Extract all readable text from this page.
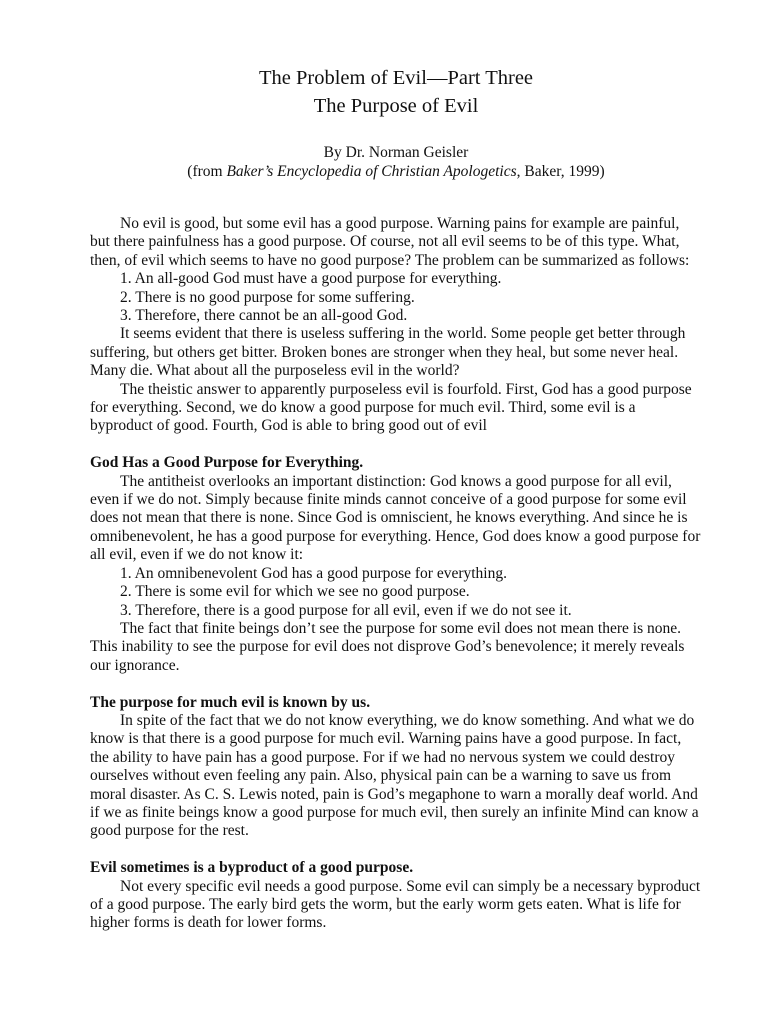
The Problem of Evil—Part Three
The Purpose of Evil
By Dr. Norman Geisler
(from Baker’s Encyclopedia of Christian Apologetics, Baker, 1999)

No evil is good, but some evil has a good purpose. Warning pains for example are painful, but there painfulness has a good purpose. Of course, not all evil seems to be of this type. What, then, of evil which seems to have no good purpose? The problem can be summarized as follows:

1. An all-good God must have a good purpose for everything.

2. There is no good purpose for some suffering.

3. Therefore, there cannot be an all-good God.

It seems evident that there is useless suffering in the world. Some people get better through suffering, but others get bitter. Broken bones are stronger when they heal, but some never heal. Many die. What about all the purposeless evil in the world?

The theistic answer to apparently purposeless evil is fourfold. First, God has a good purpose for everything. Second, we do know a good purpose for much evil. Third, some evil is a byproduct of good. Fourth, God is able to bring good out of evil

God Has a Good Purpose for Everything.

The antitheist overlooks an important distinction: God knows a good purpose for all evil, even if we do not. Simply because finite minds cannot conceive of a good purpose for some evil does not mean that there is none. Since God is omniscient, he knows everything. And since he is omnibenevolent, he has a good purpose for everything. Hence, God does know a good purpose for all evil, even if we do not know it:

1. An omnibenevolent God has a good purpose for everything.

2. There is some evil for which we see no good purpose.

3. Therefore, there is a good purpose for all evil, even if we do not see it.

The fact that finite beings don’t see the purpose for some evil does not mean there is none. This inability to see the purpose for evil does not disprove God’s benevolence; it merely reveals our ignorance.

The purpose for much evil is known by us.

In spite of the fact that we do not know everything, we do know something. And what we do know is that there is a good purpose for much evil. Warning pains have a good purpose. In fact, the ability to have pain has a good purpose. For if we had no nervous system we could destroy ourselves without even feeling any pain. Also, physical pain can be a warning to save us from moral disaster. As C. S. Lewis noted, pain is God’s megaphone to warn a morally deaf world. And if we as finite beings know a good purpose for much evil, then surely an infinite Mind can know a good purpose for the rest.

Evil sometimes is a byproduct of a good purpose.

Not every specific evil needs a good purpose. Some evil can simply be a necessary byproduct of a good purpose. The early bird gets the worm, but the early worm gets eaten. What is life for higher forms is death for lower forms.
